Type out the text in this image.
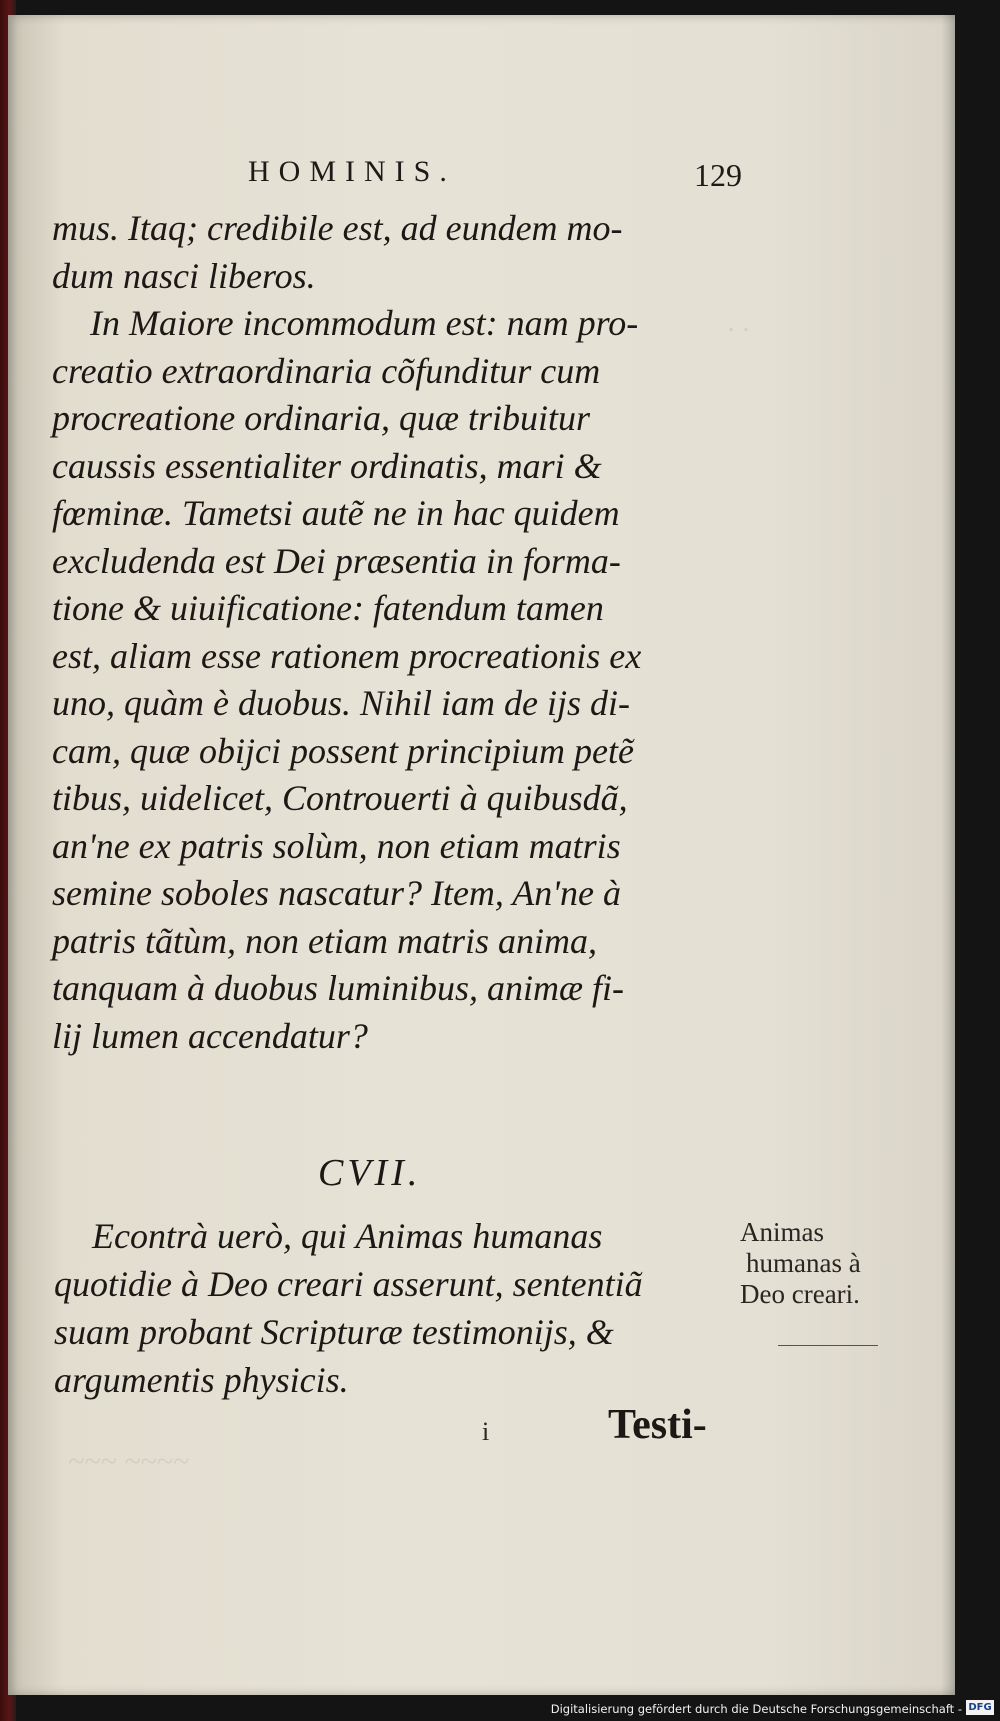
. .
~~~ ~~~~
HOMINIS.	129
mus. Itaq; credibile est, ad eundem mo-
dum nasci liberos.
In Maiore incommodum est: nam pro-
creatio extraordinaria cõfunditur cum
procreatione ordinaria, quæ tribuitur
caussis essentialiter ordinatis, mari &
fœminæ. Tametsi autẽ ne in hac quidem
excludenda est Dei præsentia in forma-
tione & uiuificatione: fatendum tamen
est, aliam esse rationem procreationis ex
uno, quàm è duobus. Nihil iam de ijs di-
cam, quæ obijci possent principium petẽ
tibus, uidelicet, Controuerti à quibusdã,
an'ne ex patris solùm, non etiam matris
semine soboles nascatur? Item, An'ne à
patris tãtùm, non etiam matris anima,
tanquam à duobus luminibus, animæ fi-
lij lumen accendatur?
CVII.
Econtrà uerò, qui Animas humanas
quotidie à Deo creari asserunt, sententiã
suam probant Scripturæ testimonijs, &
argumentis physicis.
Animas
humanas à
Deo creari.
i	Testi-
Digitalisierung gefördert durch die Deutsche Forschungsgemeinschaft - DFG
